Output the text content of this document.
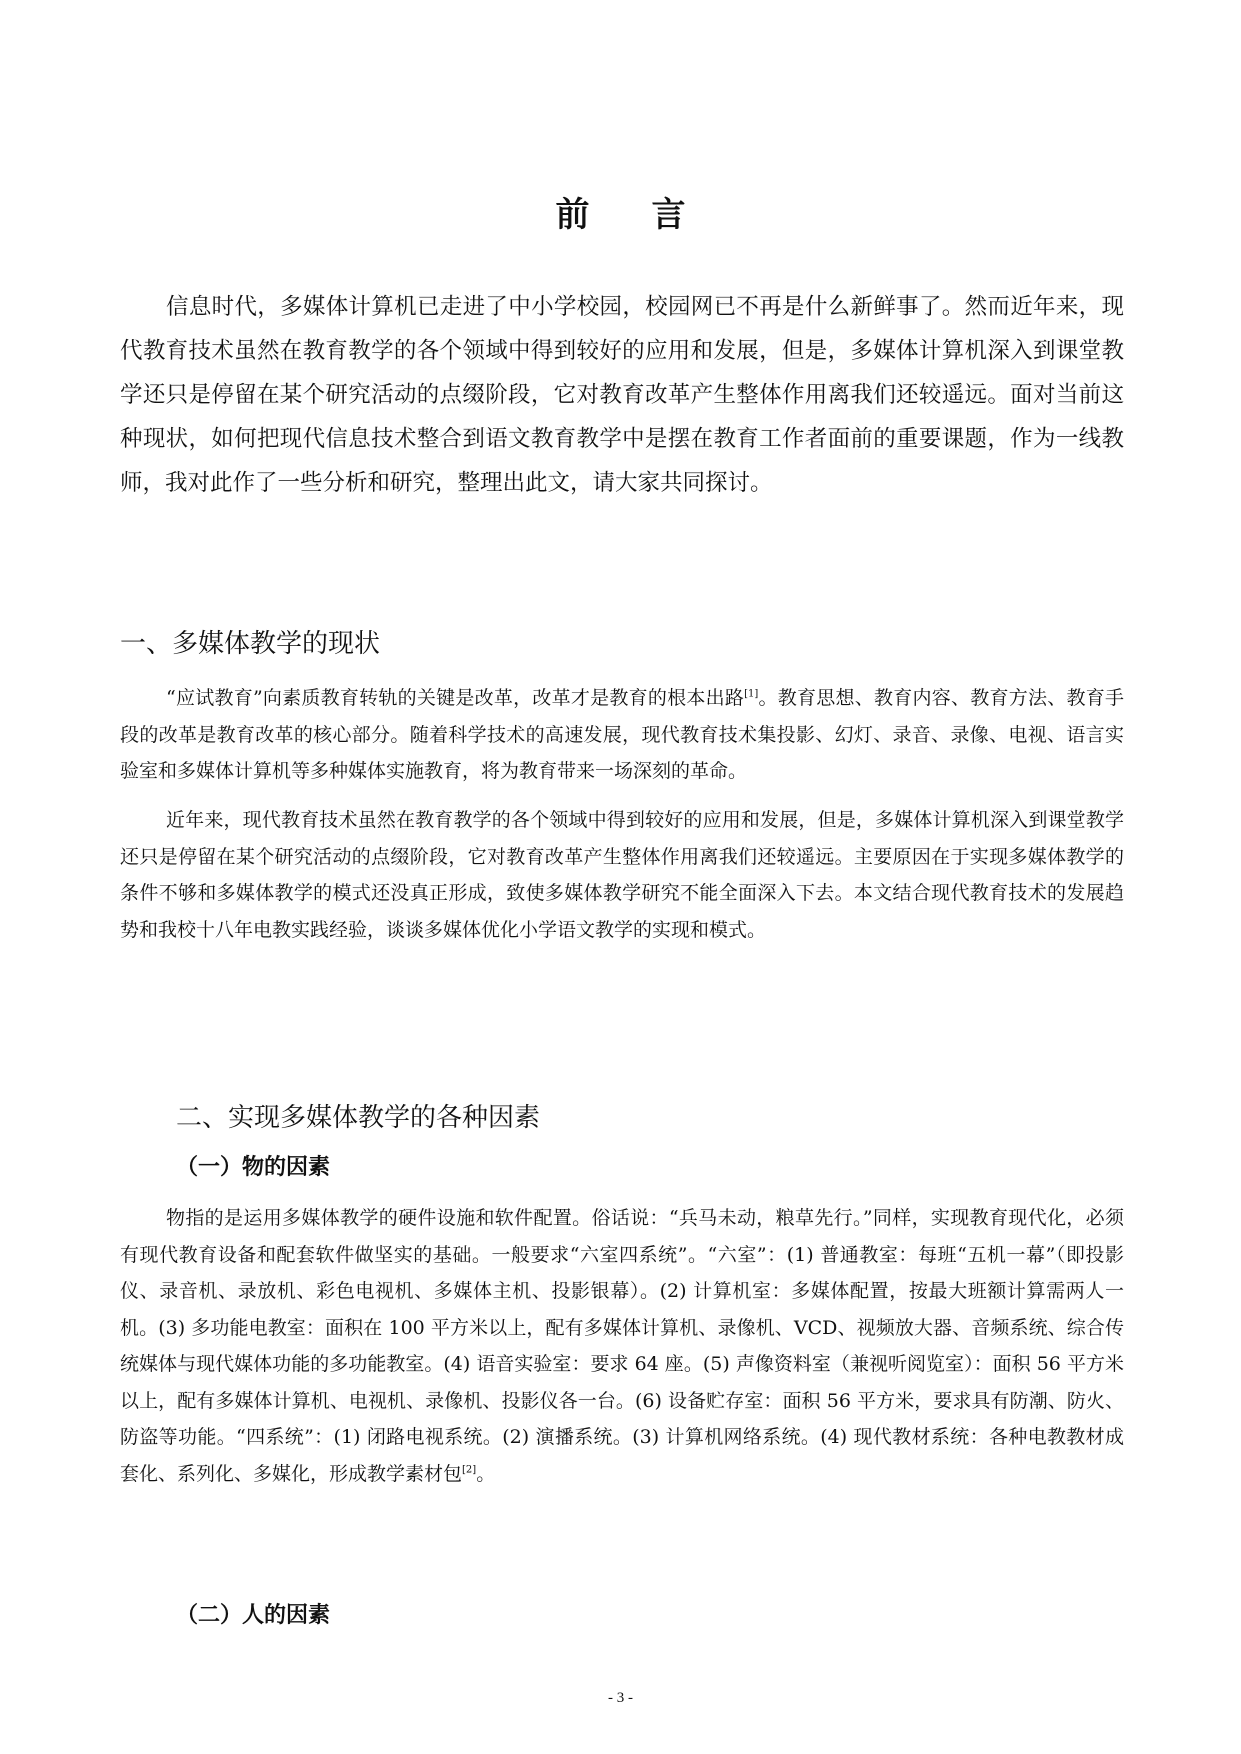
前言

信息时代，多媒体计算机已走进了中小学校园，校园网已不再是什么新鲜事了。然而近年来，现代教育技术虽然在教育教学的各个领域中得到较好的应用和发展，但是，多媒体计算机深入到课堂教学还只是停留在某个研究活动的点缀阶段，它对教育改革产生整体作用离我们还较遥远。面对当前这种现状，如何把现代信息技术整合到语文教育教学中是摆在教育工作者面前的重要课题，作为一线教师，我对此作了一些分析和研究，整理出此文，请大家共同探讨。

一、多媒体教学的现状

“应试教育”向素质教育转轨的关键是改革，改革才是教育的根本出路[1]。教育思想、教育内容、教育方法、教育手段的改革是教育改革的核心部分。随着科学技术的高速发展，现代教育技术集投影、幻灯、录音、录像、电视、语言实验室和多媒体计算机等多种媒体实施教育，将为教育带来一场深刻的革命。

近年来，现代教育技术虽然在教育教学的各个领域中得到较好的应用和发展，但是，多媒体计算机深入到课堂教学还只是停留在某个研究活动的点缀阶段，它对教育改革产生整体作用离我们还较遥远。主要原因在于实现多媒体教学的条件不够和多媒体教学的模式还没真正形成，致使多媒体教学研究不能全面深入下去。本文结合现代教育技术的发展趋势和我校十八年电教实践经验，谈谈多媒体优化小学语文教学的实现和模式。

二、实现多媒体教学的各种因素
（一）物的因素

物指的是运用多媒体教学的硬件设施和软件配置。俗话说：“兵马未动，粮草先行。”同样，实现教育现代化，必须有现代教育设备和配套软件做坚实的基础。一般要求“六室四系统”。“六室”：(1) 普通教室：每班“五机一幕”（即投影仪、录音机、录放机、彩色电视机、多媒体主机、投影银幕）。(2) 计算机室：多媒体配置，按最大班额计算需两人一机。(3) 多功能电教室：面积在 100 平方米以上，配有多媒体计算机、录像机、VCD、视频放大器、音频系统、综合传统媒体与现代媒体功能的多功能教室。(4) 语音实验室：要求 64 座。(5) 声像资料室（兼视听阅览室）：面积 56 平方米以上，配有多媒体计算机、电视机、录像机、投影仪各一台。(6) 设备贮存室：面积 56 平方米，要求具有防潮、防火、防盗等功能。“四系统”：(1) 闭路电视系统。(2) 演播系统。(3) 计算机网络系统。(4) 现代教材系统：各种电教教材成套化、系列化、多媒化，形成教学素材包[2]。

（二）人的因素
- 3 -
